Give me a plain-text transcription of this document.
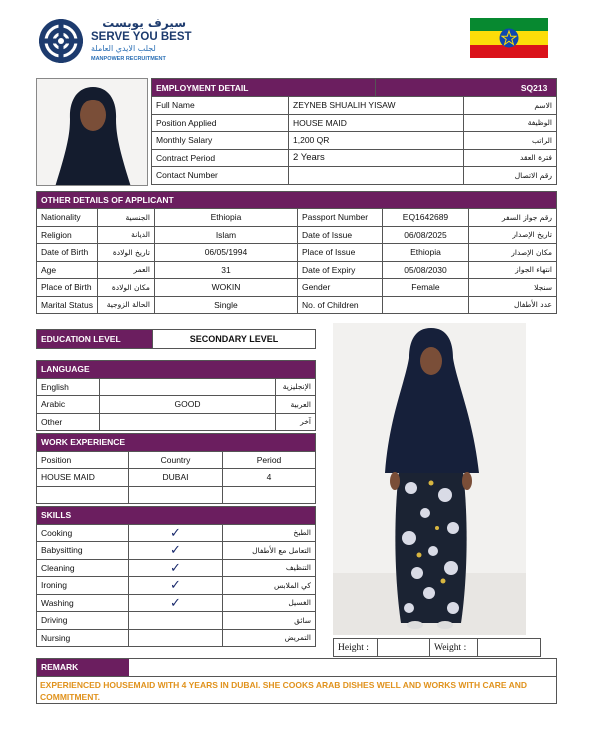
سيرف يوبست
SERVE YOU BEST
لجلب الايدي العاملة
MANPOWER RECRUITMENT
EMPLOYMENT DETAIL		SQ213	
Full Name	ZEYNEB SHUALIH YISAW		الاسم
Position Applied	HOUSE MAID		الوظيفة
Monthly Salary	1,200 QR		الراتب
Contract Period	2 Years		فترة العقد
Contact Number			رقم الاتصال
OTHER DETAILS OF APPLICANT					
Nationality	الجنسية	Ethiopia	Passport Number	EQ1642689	رقم جواز السفر
Religion	الديانة	Islam	Date of Issue	06/08/2025	تاريخ الإصدار
Date of Birth	تاريخ الولادة	06/05/1994	Place of Issue	Ethiopia	مكان الإصدار
Age	العمر	31	Date of Expiry	05/08/2030	انتهاء الجواز
Place of Birth	مكان الولادة	WOKIN	Gender	Female	سنجلا
Marital Status	الحالة الزوجية	Single	No. of Children		عدد الأطفال
EDUCATION LEVEL	SECONDARY LEVEL
LANGUAGE		
English		الإنجليزية
Arabic	GOOD	العربية
Other		آخر
WORK EXPERIENCE		
Position	Country	Period
HOUSE MAID	DUBAI	4

SKILLS		
Cooking	✓	الطبخ
Babysitting	✓	التعامل مع الأطفال
Cleaning	✓	التنظيف
Ironing	✓	كي الملابس
Washing	✓	الغسيل
Driving		سائق
Nursing		التمريض
Height :		Weight :	
REMARK
EXPERIENCED HOUSEMAID WITH 4 YEARS IN DUBAI. SHE COOKS ARAB DISHES WELL AND WORKS WITH CARE AND COMMITMENT.
